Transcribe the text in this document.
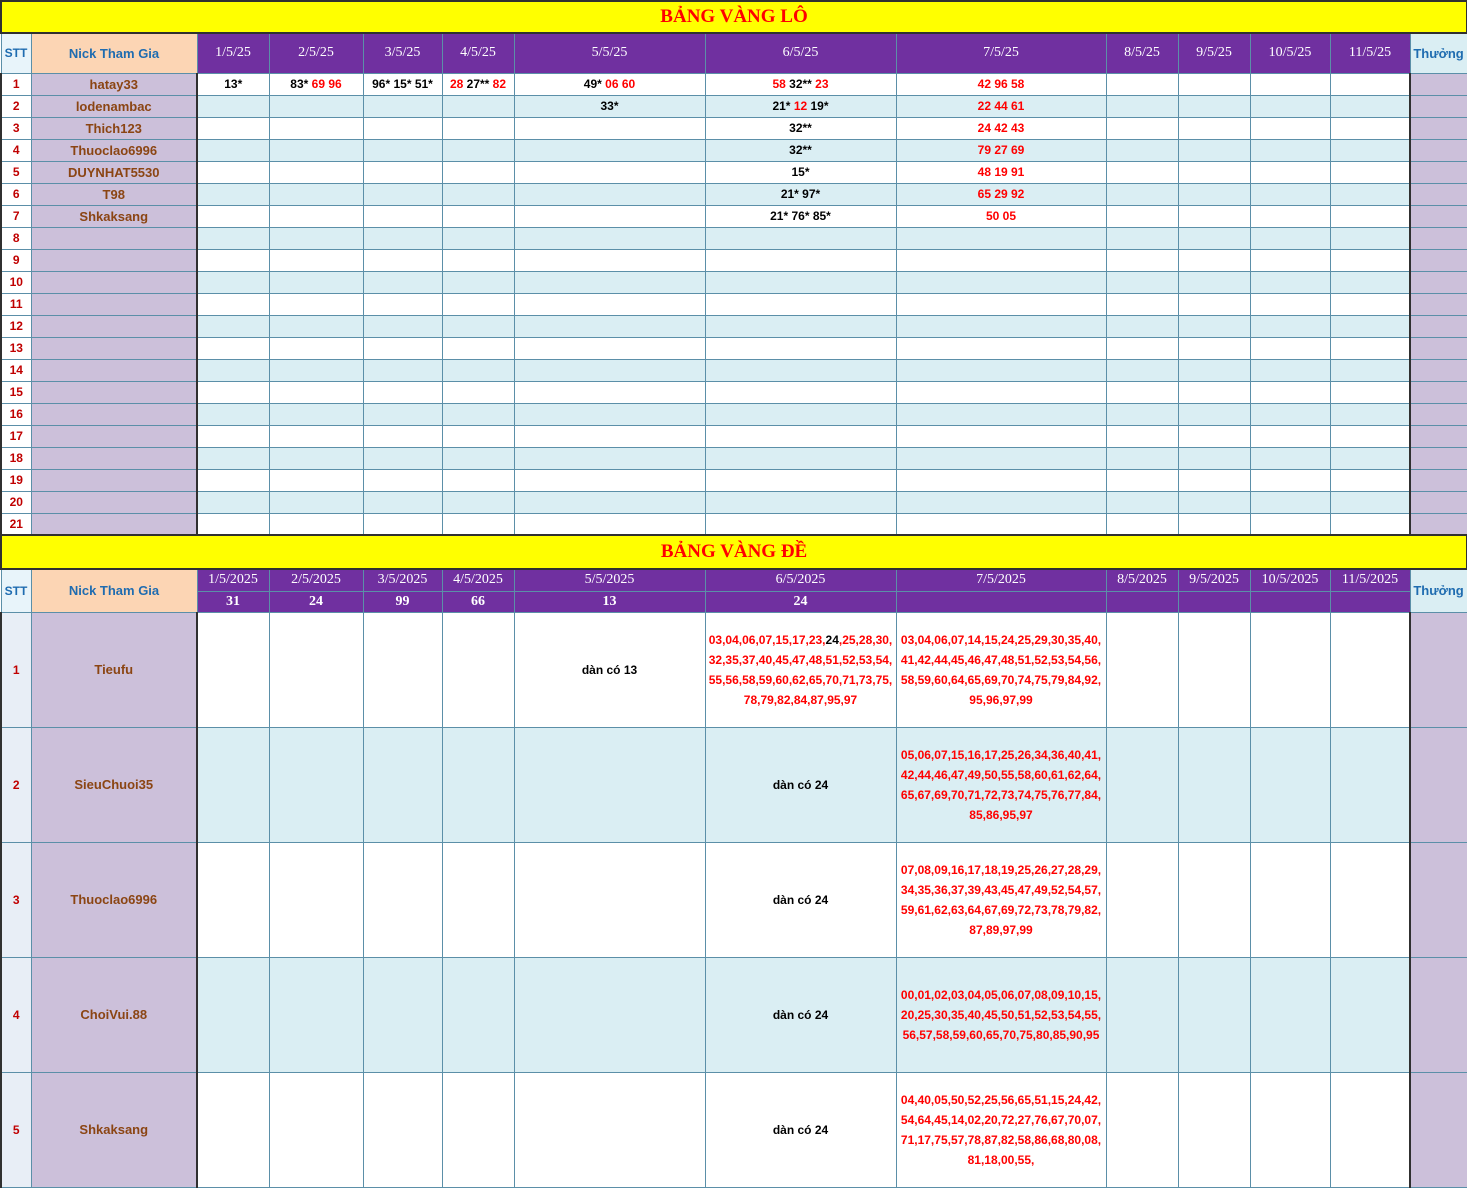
BẢNG VÀNG LÔ													
STT	Nick Tham Gia	1/5/25	2/5/25	3/5/25	4/5/25	5/5/25	6/5/25	7/5/25	8/5/25	9/5/25	10/5/25	11/5/25	Thưởng
1	hatay33	13*	83* 69 96	96* 15* 51*	28 27** 82	49* 06 60	58 32** 23	42 96 58					
2	lodenambac					33*	21* 12 19*	22 44 61					
3	Thich123						32**	24 42 43					
4	Thuoclao6996						32**	79 27 69					
5	DUYNHAT5530						15*	48 19 91					
6	T98						21* 97*	65 29 92					
7	Shkaksang						21* 76* 85*	50 05					
8													
9													
10													
11													
12													
13													
14													
15													
16													
17													
18													
19													
20													
21													
BẢNG VÀNG ĐỀ													
STT	Nick Tham Gia	1/5/2025	2/5/2025	3/5/2025	4/5/2025	5/5/2025	6/5/2025	7/5/2025	8/5/2025	9/5/2025	10/5/2025	11/5/2025	Thưởng
		31	24	99	66	13	24						
1	Tieufu					dàn có 13	03,04,06,07,15,17,23,24,25,28,30,32,35,37,40,45,47,48,51,52,53,54,55,56,58,59,60,62,65,70,71,73,75,78,79,82,84,87,95,97	03,04,06,07,14,15,24,25,29,30,35,40,41,42,44,45,46,47,48,51,52,53,54,56,58,59,60,64,65,69,70,74,75,79,84,92,95,96,97,99					
2	SieuChuoi35						dàn có 24	05,06,07,15,16,17,25,26,34,36,40,41,42,44,46,47,49,50,55,58,60,61,62,64,65,67,69,70,71,72,73,74,75,76,77,84,85,86,95,97					
3	Thuoclao6996						dàn có 24	07,08,09,16,17,18,19,25,26,27,28,29,34,35,36,37,39,43,45,47,49,52,54,57,59,61,62,63,64,67,69,72,73,78,79,82,87,89,97,99					
4	ChoiVui.88						dàn có 24	00,01,02,03,04,05,06,07,08,09,10,15,20,25,30,35,40,45,50,51,52,53,54,55,56,57,58,59,60,65,70,75,80,85,90,95					
5	Shkaksang						dàn có 24	04,40,05,50,52,25,56,65,51,15,24,42,54,64,45,14,02,20,72,27,76,67,70,07,71,17,75,57,78,87,82,58,86,68,80,08,81,18,00,55,					
